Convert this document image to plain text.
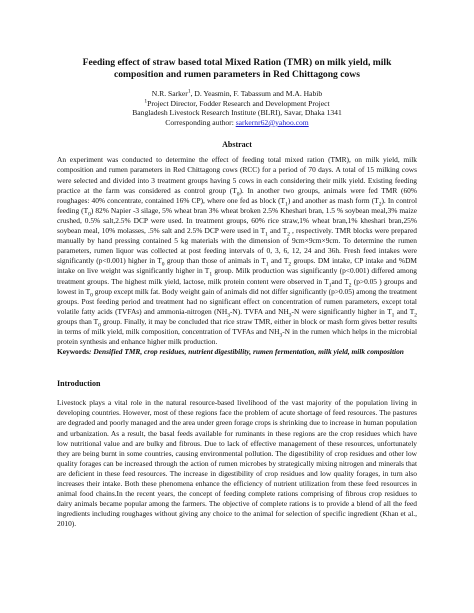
Feeding effect of straw based total Mixed Ration (TMR) on milk yield, milk composition and rumen parameters in Red Chittagong cows
N.R. Sarker$^1$, D. Yeasmin, F. Tabassum and M.A. Habib
$^1$Project Director, Fodder Research and Development Project
Bangladesh Livestock Research Institute (BLRI), Savar, Dhaka 1341
Corresponding author: sarkernr62@yahoo.com
Abstract

An experiment was conducted to determine the effect of feeding total mixed ration (TMR), on milk yield, milk composition and rumen parameters in Red Chittagong cows (RCC) for a period of 70 days. A total of 15 milking cows were selected and divided into 3 treatment groups having 5 cows in each considering their milk yield. Existing feeding practice at the farm was considered as control group $(T_0)$. In another two groups, animals were fed TMR (60% roughages: 40% concentrate, contained 16% CP), where one fed as block $(T_1)$ and another as mash form $(T_2)$. In control feeding $(T_0)$ 82% Napier -3 silage, 5% wheat bran 3% wheat broken 2.5% Kheshari bran, 1.5 % soybean meal,3% maize crushed, 0.5% salt,2.5% DCP were used. In treatment groups, 60% rice straw,1% wheat bran,1% kheshari bran,25% soybean meal, 10% molasses, .5% salt and 2.5% DCP were used in $T_1$ and $T_2$ , respectively. TMR blocks were prepared manually by hand pressing contained 5 kg materials with the dimension of 9cm×9cm×9cm. To determine the rumen parameters, rumen liquor was collected at post feeding intervals of 0, 3, 6, 12, 24 and 36h. Fresh feed intakes were significantly (p<0.001) higher in $T_0$ group than those of animals in $T_1$ and $T_2$ groups. DM intake, CP intake and %DM intake on live weight was significantly higher in $T_1$ group. Milk production was significantly (p<0.001) differed among treatment groups. The highest milk yield, lactose, milk protein content were observed in $T_1and$ $T_2$ (p>0.05 ) groups and lowest in $T_0$ group except milk fat. Body weight gain of animals did not differ significantly (p>0.05) among the treatment groups. Post feeding period and treatment had no significant effect on concentration of rumen parameters, except total volatile fatty acids (TVFAs) and ammonia-nitrogen $(NH_3-N)$. TVFA and $NH_3-N$ were significantly higher in $T_1$ and $T_2$ groups than $T_0$ group. Finally, it may be concluded that rice straw TMR, either in block or mash form gives better results in terms of milk yield, milk composition, concentration of TVFAs and $NH_3-N$ in the rumen which helps in the microbial protein synthesis and enhance higher milk production.

Keywords: Densified TMR, crop residues, nutrient digestibility, rumen fermentation, milk yield, milk composition

Introduction

Livestock plays a vital role in the natural resource-based livelihood of the vast majority of the population living in developing countries. However, most of these regions face the problem of acute shortage of feed resources. The pastures are degraded and poorly managed and the area under green forage crops is shrinking due to increase in human population and urbanization. As a result, the basal feeds available for ruminants in these regions are the crop residues which have low nutritional value and are bulky and fibrous. Due to lack of effective management of these resources, unfortunately they are being burnt in some countries, causing environmental pollution. The digestibility of crop residues and other low quality forages can be increased through the action of rumen microbes by strategically mixing nitrogen and minerals that are deficient in these feed resources. The increase in digestibility of crop residues and low quality forages, in turn also increases their intake. Both these phenomena enhance the efficiency of nutrient utilization from these feed resources in animal food chains.In the recent years, the concept of feeding complete rations comprising of fibrous crop residues to dairy animals became popular among the farmers. The objective of complete rations is to provide a blend of all the feed ingredients including roughages without giving any choice to the animal for selection of specific ingredient (Khan et al., 2010).
